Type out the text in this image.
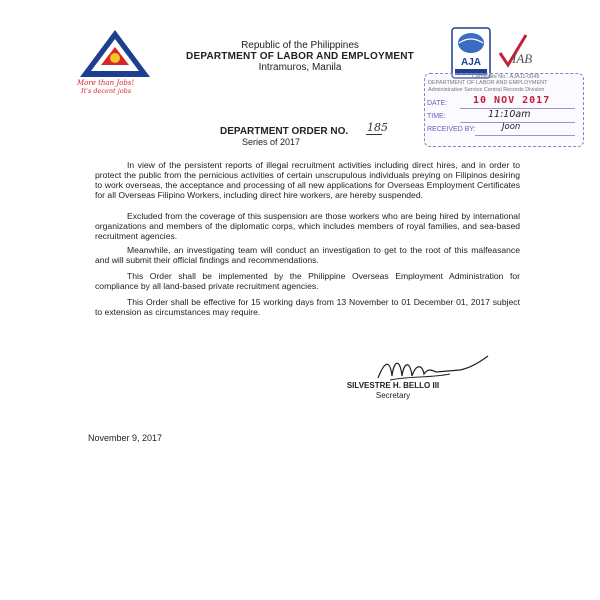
More than Jobs!
It's decent jobs
Republic of the Philippines
DEPARTMENT OF LABOR AND EMPLOYMENT
Intramuros, Manila	AJA IAB
Certificate No.: AJA11-0049
DEPARTMENT OF LABOR AND EMPLOYMENT
Administrative Service Central Records Division
DATE:	10 NOV 2017
TIME:	11:10am
RECEIVED BY:	Joon
DEPARTMENT ORDER NO. 185
Series of 2017
In view of the persistent reports of illegal recruitment activities including direct hires, and in order to protect the public from the pernicious activities of certain unscrupulous individuals preying on Filipinos desiring to work overseas, the acceptance and processing of all new applications for Overseas Employment Certificates for all Overseas Filipino Workers, including direct hire workers, are hereby suspended.
Excluded from the coverage of this suspension are those workers who are being hired by international organizations and members of the diplomatic corps, which includes members of royal families, and sea-based recruitment agencies.
Meanwhile, an investigating team will conduct an investigation to get to the root of this malfeasance and will submit their official findings and recommendations.
This Order shall be implemented by the Philippine Overseas Employment Administration for compliance by all land-based private recruitment agencies.
This Order shall be effective for 15 working days from 13 November to 01 December 01, 2017 subject to extension as circumstances may require.
SILVESTRE H. BELLO III
Secretary
November 9, 2017
